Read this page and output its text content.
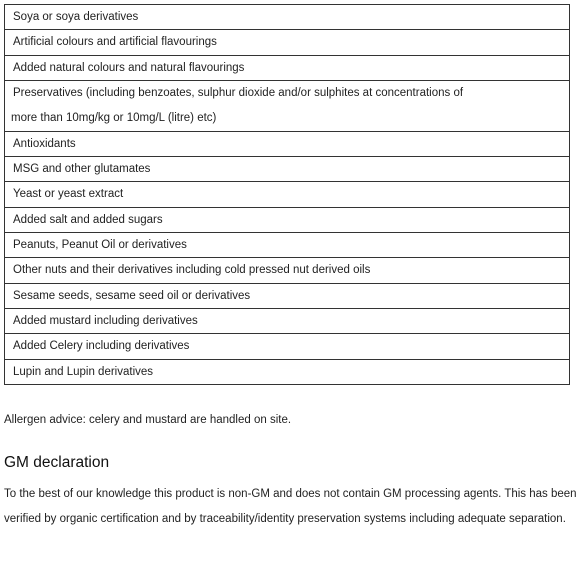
Soya or soya derivatives
Artificial colours and artificial flavourings
Added natural colours and natural flavourings

Preservatives (including benzoates, sulphur dioxide and/or sulphites at concentrations of
more than 10mg/kg or 10mg/L (litre) etc)

Antioxidants
MSG and other glutamates
Yeast or yeast extract
Added salt and added sugars
Peanuts, Peanut Oil or derivatives
Other nuts and their derivatives including cold pressed nut derived oils
Sesame seeds, sesame seed oil or derivatives
Added mustard including derivatives
Added Celery including derivatives
Lupin and Lupin derivatives

Allergen advice: celery and mustard are handled on site.

GM declaration

To the best of our knowledge this product is non-GM and does not contain GM processing agents. This has been verified by organic certification and by traceability/identity preservation systems including adequate separation.
